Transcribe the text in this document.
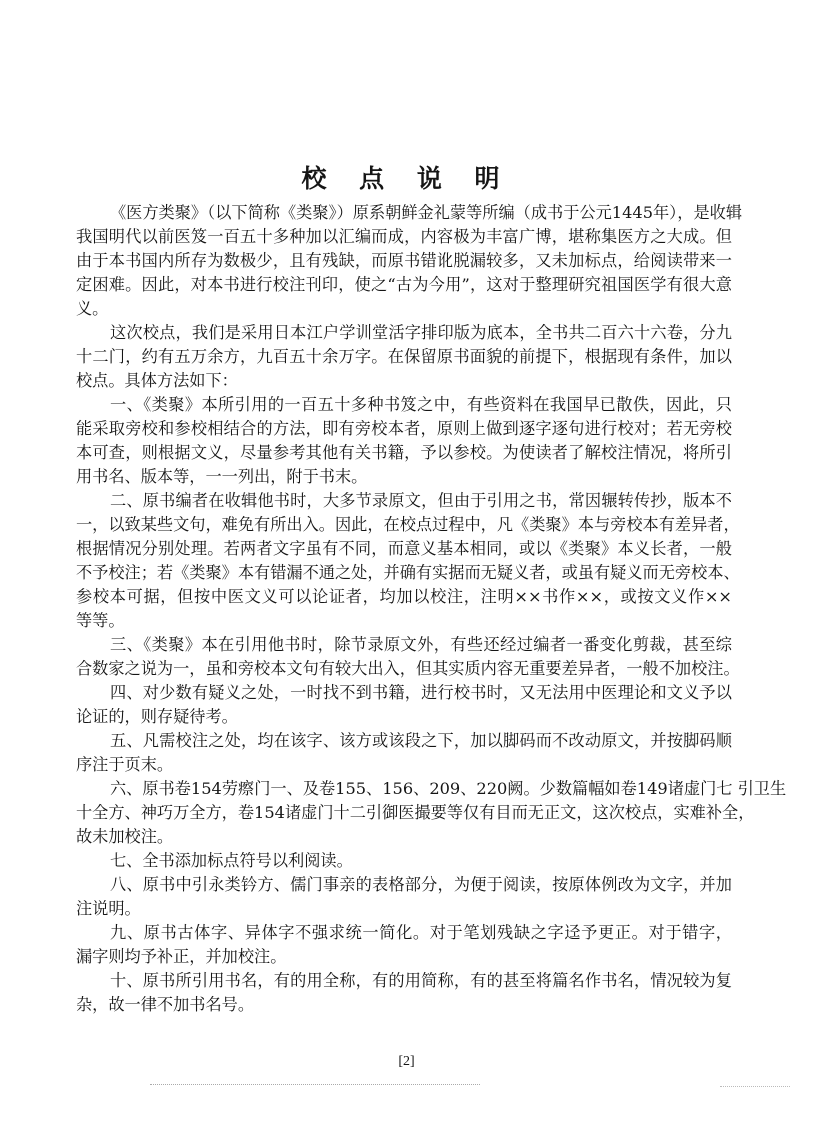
校 点 说 明
《医方类聚》（以下简称《类聚》）原系朝鲜金礼蒙等所编（成书于公元1445年），是收辑
我国明代以前医笈一百五十多种加以汇编而成，内容极为丰富广博，堪称集医方之大成。但
由于本书国内所存为数极少，且有残缺，而原书错讹脱漏较多，又未加标点，给阅读带来一
定困难。因此，对本书进行校注刊印，使之“古为今用”，这对于整理研究祖国医学有很大意
义。
这次校点，我们是采用日本江户学训堂活字排印版为底本，全书共二百六十六卷，分九
十二门，约有五万余方，九百五十余万字。在保留原书面貌的前提下，根据现有条件，加以
校点。具体方法如下：
一、《类聚》本所引用的一百五十多种书笈之中，有些资料在我国早已散佚，因此，只
能采取旁校和参校相结合的方法，即有旁校本者，原则上做到逐字逐句进行校对；若无旁校
本可查，则根据文义，尽量参考其他有关书籍，予以参校。为使读者了解校注情况，将所引
用书名、版本等，一一列出，附于书末。
二、原书编者在收辑他书时，大多节录原文，但由于引用之书，常因辗转传抄，版本不
一，以致某些文句，难免有所出入。因此，在校点过程中，凡《类聚》本与旁校本有差异者，
根据情况分别处理。若两者文字虽有不同，而意义基本相同，或以《类聚》本义长者，一般
不予校注；若《类聚》本有错漏不通之处，并确有实据而无疑义者，或虽有疑义而无旁校本、
参校本可据，但按中医文义可以论证者，均加以校注，注明××书作××，或按文义作××
等等。
三、《类聚》本在引用他书时，除节录原文外，有些还经过编者一番变化剪裁，甚至综
合数家之说为一，虽和旁校本文句有较大出入，但其实质内容无重要差异者，一般不加校注。
四、对少数有疑义之处，一时找不到书籍，进行校书时，又无法用中医理论和文义予以
论证的，则存疑待考。
五、凡需校注之处，均在该字、该方或该段之下，加以脚码而不改动原文，并按脚码顺
序注于页末。
六、原书卷154劳瘵门一、及卷155、156、209、220阙。少数篇幅如卷149诸虚门七 引卫生
十全方、神巧万全方，卷154诸虚门十二引御医撮要等仅有目而无正文，这次校点，实难补全，
故未加校注。
七、全书添加标点符号以利阅读。
八、原书中引永类钤方、儒门事亲的表格部分，为便于阅读，按原体例改为文字，并加
注说明。
九、原书古体字、异体字不强求统一简化。对于笔划残缺之字迳予更正。对于错字，
漏字则均予补正，并加校注。
十、原书所引用书名，有的用全称，有的用简称，有的甚至将篇名作书名，情况较为复
杂，故一律不加书名号。
[2]
